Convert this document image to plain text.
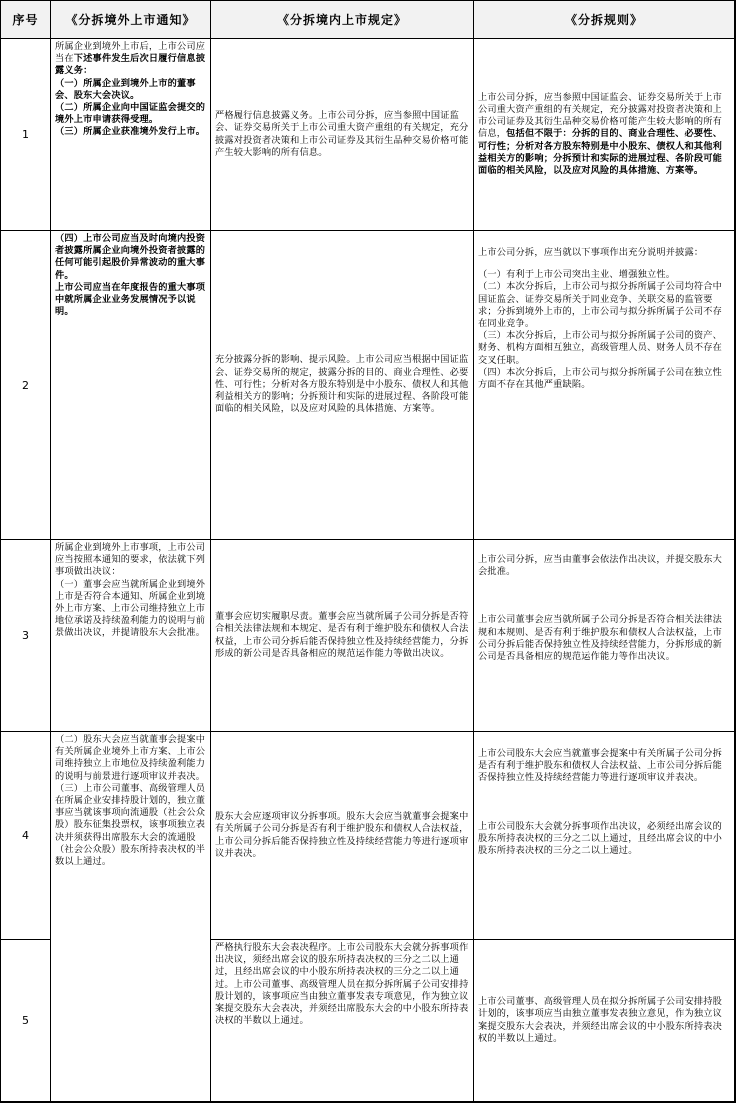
序号 《分拆境外上市通知》	《分拆境内上市规定》	《分拆规则》
1
2
3
4
5

所属企业到境外上市后，上市公司应当在下述事件发生后次日履行信息披露义务：

（一）所属企业到境外上市的董事会、股东大会决议。

（二）所属企业向中国证监会提交的境外上市申请获得受理。

（三）所属企业获准境外发行上市。

（四）上市公司应当及时向境内投资者披露所属企业向境外投资者披露的任何可能引起股价异常波动的重大事件。

上市公司应当在年度报告的重大事项中就所属企业业务发展情况予以说明。

所属企业到境外上市事项，上市公司应当按照本通知的要求，依法就下列事项做出决议：

（一）董事会应当就所属企业到境外上市是否符合本通知、所属企业到境外上市方案、上市公司维持独立上市地位承诺及持续盈利能力的说明与前景做出决议，并提请股东大会批准。

（二）股东大会应当就董事会提案中有关所属企业境外上市方案、上市公司维持独立上市地位及持续盈利能力的说明与前景进行逐项审议并表决。

（三）上市公司董事、高级管理人员在所属企业安排持股计划的，独立董事应当就该事项向流通股（社会公众股）股东征集投票权，该事项独立表决并须获得出席股东大会的流通股（社会公众股）股东所持表决权的半数以上通过。

严格履行信息披露义务。上市公司分拆，应当参照中国证监会、证券交易所关于上市公司重大资产重组的有关规定，充分披露对投资者决策和上市公司证券及其衍生品种交易价格可能产生较大影响的所有信息。

充分披露分拆的影响、提示风险。上市公司应当根据中国证监会、证券交易所的规定，披露分拆的目的、商业合理性、必要性、可行性；分析对各方股东特别是中小股东、债权人和其他利益相关方的影响；分拆预计和实际的进展过程、各阶段可能面临的相关风险，以及应对风险的具体措施、方案等。

董事会应切实履职尽责。董事会应当就所属子公司分拆是否符合相关法律法规和本规定、是否有利于维护股东和债权人合法权益，上市公司分拆后能否保持独立性及持续经营能力，分拆形成的新公司是否具备相应的规范运作能力等做出决议。

股东大会应逐项审议分拆事项。股东大会应当就董事会提案中有关所属子公司分拆是否有利于维护股东和债权人合法权益，上市公司分拆后能否保持独立性及持续经营能力等进行逐项审议并表决。

严格执行股东大会表决程序。上市公司股东大会就分拆事项作出决议，须经出席会议的股东所持表决权的三分之二以上通过，且经出席会议的中小股东所持表决权的三分之二以上通过。上市公司董事、高级管理人员在拟分拆所属子公司安排持股计划的，该事项应当由独立董事发表专项意见，作为独立议案提交股东大会表决，并须经出席股东大会的中小股东所持表决权的半数以上通过。

上市公司分拆，应当参照中国证监会、证券交易所关于上市公司重大资产重组的有关规定，充分披露对投资者决策和上市公司证券及其衍生品种交易价格可能产生较大影响的所有信息，包括但不限于：分拆的目的、商业合理性、必要性、可行性；分析对各方股东特别是中小股东、债权人和其他利益相关方的影响；分拆预计和实际的进展过程、各阶段可能面临的相关风险，以及应对风险的具体措施、方案等。

上市公司分拆，应当就以下事项作出充分说明并披露：

（一）有利于上市公司突出主业、增强独立性。

（二）本次分拆后，上市公司与拟分拆所属子公司均符合中国证监会、证券交易所关于同业竞争、关联交易的监管要求；分拆到境外上市的，上市公司与拟分拆所属子公司不存在同业竞争。

（三）本次分拆后，上市公司与拟分拆所属子公司的资产、财务、机构方面相互独立，高级管理人员、财务人员不存在交叉任职。

（四）本次分拆后，上市公司与拟分拆所属子公司在独立性方面不存在其他严重缺陷。

上市公司分拆，应当由董事会依法作出决议，并提交股东大会批准。

上市公司董事会应当就所属子公司分拆是否符合相关法律法规和本规则、是否有利于维护股东和债权人合法权益，上市公司分拆后能否保持独立性及持续经营能力，分拆形成的新公司是否具备相应的规范运作能力等作出决议。

上市公司股东大会应当就董事会提案中有关所属子公司分拆是否有利于维护股东和债权人合法权益、上市公司分拆后能否保持独立性及持续经营能力等进行逐项审议并表决。

上市公司股东大会就分拆事项作出决议，必须经出席会议的股东所持表决权的三分之二以上通过，且经出席会议的中小股东所持表决权的三分之二以上通过。

上市公司董事、高级管理人员在拟分拆所属子公司安排持股计划的，该事项应当由独立董事发表独立意见，作为独立议案提交股东大会表决，并须经出席会议的中小股东所持表决权的半数以上通过。
